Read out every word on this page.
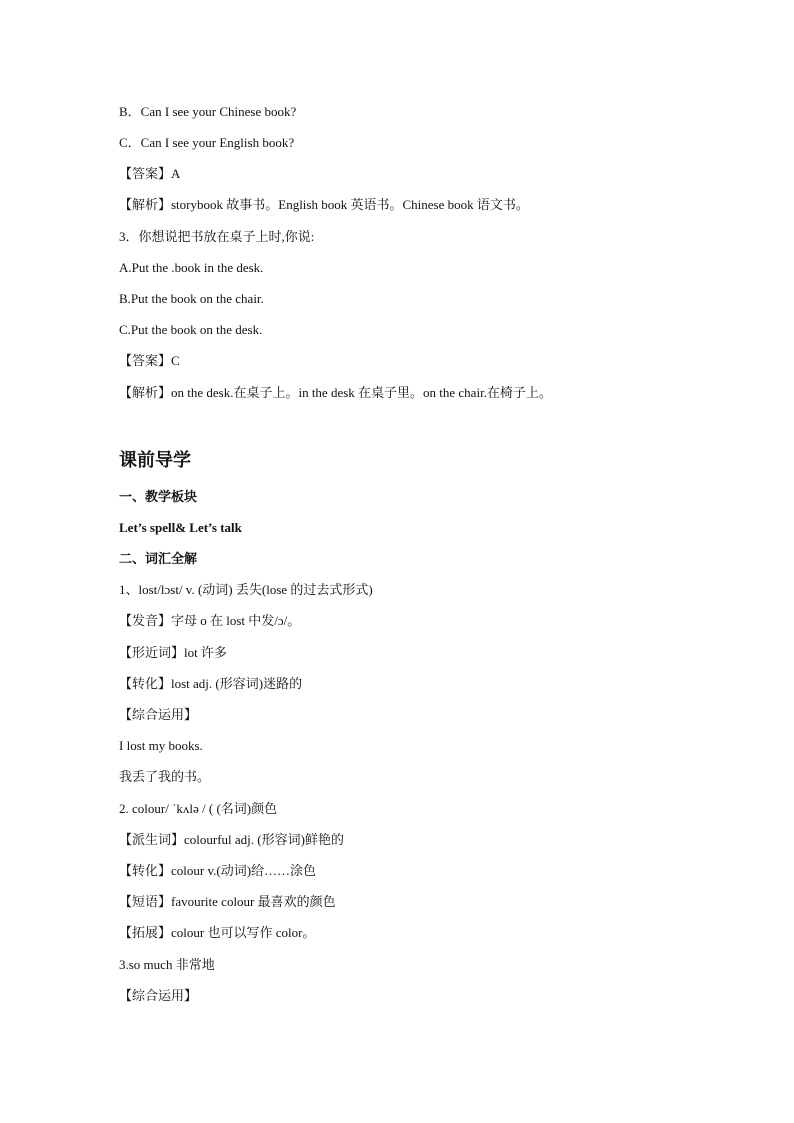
B．Can I see your Chinese book?
C．Can I see your English book?
【答案】A
【解析】storybook 故事书。English book 英语书。Chinese book 语文书。
3．你想说把书放在桌子上时,你说:
A.Put the .book in the desk.
B.Put the book on the chair.
C.Put the book on the desk.
【答案】C
【解析】on the desk.在桌子上。in the desk 在桌子里。on the chair.在椅子上。
课前导学
一、教学板块
Let’s spell& Let’s talk
二、词汇全解
1、lost/lɔst/ v. (动词) 丢失(lose 的过去式形式)
【发音】字母 o 在 lost 中发/ɔ/。
【形近词】lot 许多
【转化】lost adj. (形容词)迷路的
【综合运用】
I lost my books.
我丢了我的书。
2. colour/ ˈkʌlə / ( (名词)颜色
【派生词】colourful adj. (形容词)鲜艳的
【转化】colour v.(动词)给……涂色
【短语】favourite colour 最喜欢的颜色
【拓展】colour 也可以写作 color。
3.so much 非常地
【综合运用】
